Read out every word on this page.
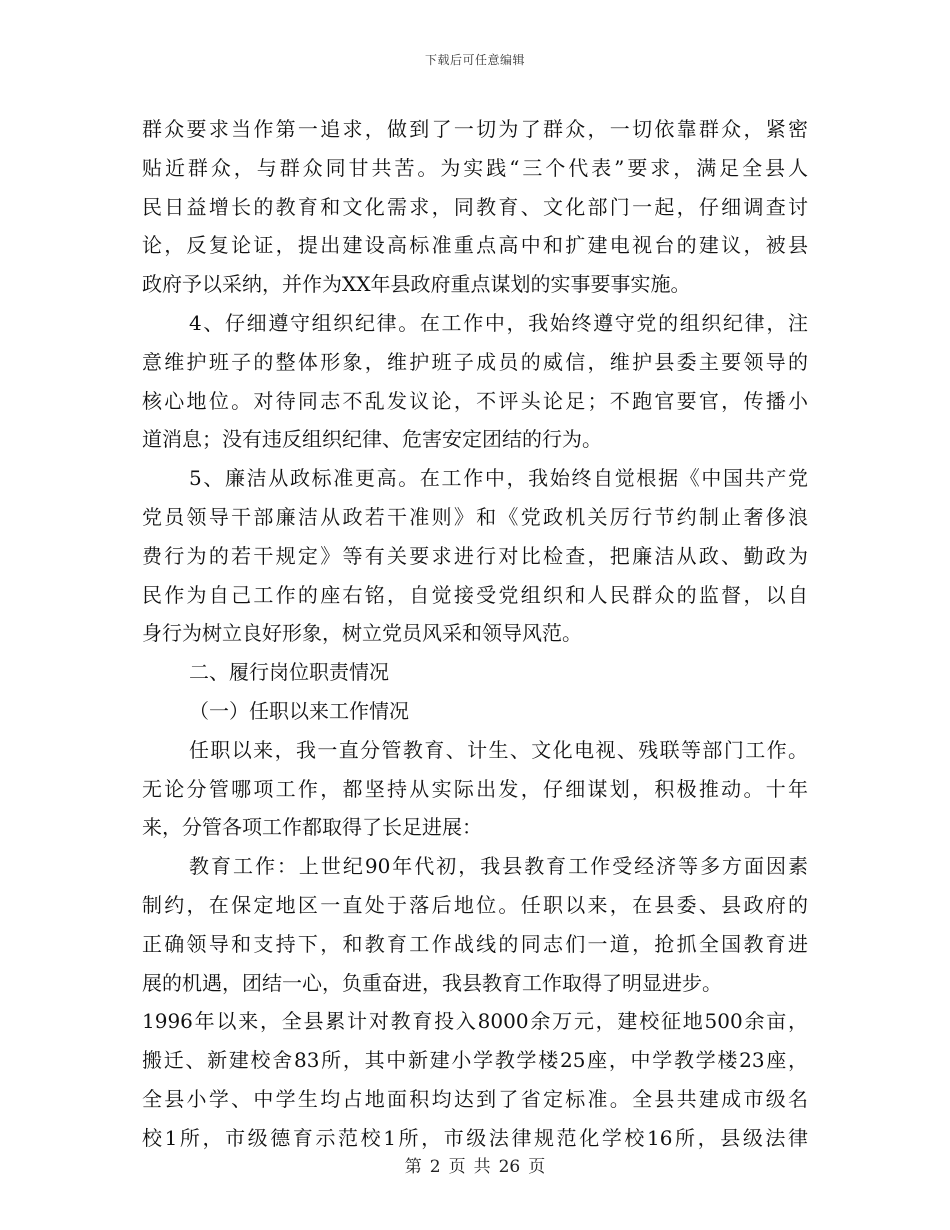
下载后可任意编辑
群众要求当作第一追求，做到了一切为了群众，一切依靠群众，紧密
贴近群众，与群众同甘共苦。为实践“三个代表”要求，满足全县人
民日益增长的教育和文化需求，同教育、文化部门一起，仔细调查讨
论，反复论证，提出建设高标准重点高中和扩建电视台的建议，被县
政府予以采纳，并作为XX年县政府重点谋划的实事要事实施。
4、仔细遵守组织纪律。在工作中，我始终遵守党的组织纪律，注
意维护班子的整体形象，维护班子成员的威信，维护县委主要领导的
核心地位。对待同志不乱发议论，不评头论足；不跑官要官，传播小
道消息；没有违反组织纪律、危害安定团结的行为。
5、廉洁从政标准更高。在工作中，我始终自觉根据《中国共产党
党员领导干部廉洁从政若干准则》和《党政机关厉行节约制止奢侈浪
费行为的若干规定》等有关要求进行对比检查，把廉洁从政、勤政为
民作为自己工作的座右铭，自觉接受党组织和人民群众的监督，以自
身行为树立良好形象，树立党员风采和领导风范。
二、履行岗位职责情况
（一）任职以来工作情况
任职以来，我一直分管教育、计生、文化电视、残联等部门工作。
无论分管哪项工作，都坚持从实际出发，仔细谋划，积极推动。十年
来，分管各项工作都取得了长足进展：
教育工作：上世纪90年代初，我县教育工作受经济等多方面因素
制约，在保定地区一直处于落后地位。任职以来，在县委、县政府的
正确领导和支持下，和教育工作战线的同志们一道，抢抓全国教育进
展的机遇，团结一心，负重奋进，我县教育工作取得了明显进步。
1996年以来，全县累计对教育投入8000余万元，建校征地500余亩，
搬迁、新建校舍83所，其中新建小学教学楼25座，中学教学楼23座，
全县小学、中学生均占地面积均达到了省定标准。全县共建成市级名
校1所，市级德育示范校1所，市级法律规范化学校16所，县级法律
第 2 页 共 26 页
